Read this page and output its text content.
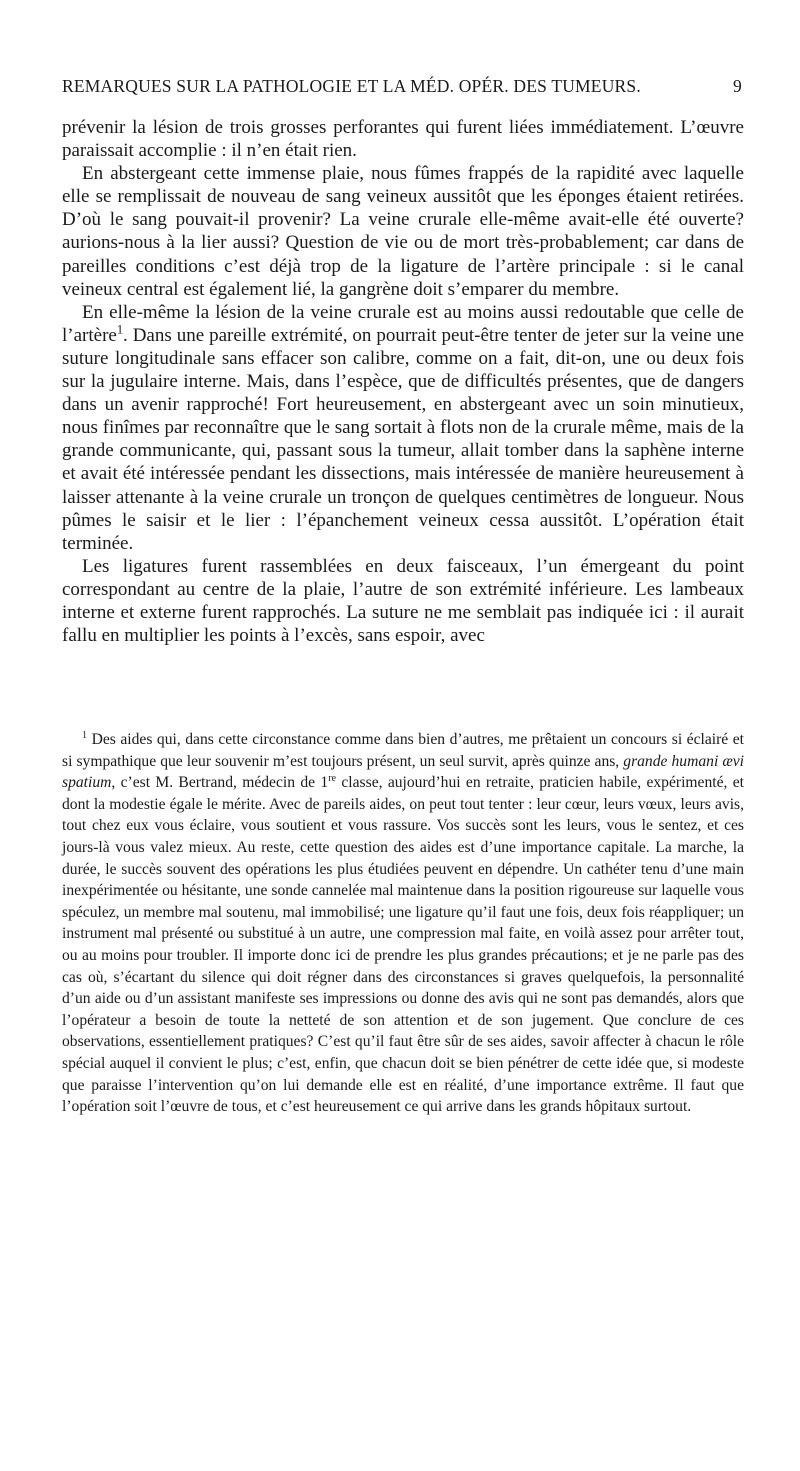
REMARQUES SUR LA PATHOLOGIE ET LA MÉD. OPÉR. DES TUMEURS.	9

prévenir la lésion de trois grosses perforantes qui furent liées immédiatement. L’œuvre paraissait accomplie : il n’en était rien.

En abstergeant cette immense plaie, nous fûmes frappés de la rapidité avec laquelle elle se remplissait de nouveau de sang veineux aussitôt que les éponges étaient retirées. D’où le sang pouvait-il provenir? La veine crurale elle-même avait-elle été ouverte? aurions-nous à la lier aussi? Question de vie ou de mort très-probablement; car dans de pareilles conditions c’est déjà trop de la ligature de l’artère principale : si le canal veineux central est également lié, la gangrène doit s’emparer du membre.

En elle-même la lésion de la veine crurale est au moins aussi redoutable que celle de l’artère$^1$. Dans une pareille extrémité, on pourrait peut-être tenter de jeter sur la veine une suture longitudinale sans effacer son calibre, comme on a fait, dit-on, une ou deux fois sur la jugulaire interne. Mais, dans l’espèce, que de difficultés présentes, que de dangers dans un avenir rapproché! Fort heureusement, en abstergeant avec un soin minutieux, nous finîmes par reconnaître que le sang sortait à flots non de la crurale même, mais de la grande communicante, qui, passant sous la tumeur, allait tomber dans la saphène interne et avait été intéressée pendant les dissections, mais intéressée de manière heureusement à laisser attenante à la veine crurale un tronçon de quelques centimètres de longueur. Nous pûmes le saisir et le lier : l’épanchement veineux cessa aussitôt. L’opération était terminée.

Les ligatures furent rassemblées en deux faisceaux, l’un émergeant du point correspondant au centre de la plaie, l’autre de son extrémité inférieure. Les lambeaux interne et externe furent rapprochés. La suture ne me semblait pas indiquée ici : il aurait fallu en multiplier les points à l’excès, sans espoir, avec

$^1$ Des aides qui, dans cette circonstance comme dans bien d’autres, me prêtaient un concours si éclairé et si sympathique que leur souvenir m’est toujours présent, un seul survit, après quinze ans, grande humani ævi spatium, c’est M. Bertrand, médecin de 1re classe, aujourd’hui en retraite, praticien habile, expérimenté, et dont la modestie égale le mérite. Avec de pareils aides, on peut tout tenter : leur cœur, leurs vœux, leurs avis, tout chez eux vous éclaire, vous soutient et vous rassure. Vos succès sont les leurs, vous le sentez, et ces jours-là vous valez mieux. Au reste, cette question des aides est d’une importance capitale. La marche, la durée, le succès souvent des opérations les plus étudiées peuvent en dépendre. Un cathéter tenu d’une main inexpérimentée ou hésitante, une sonde cannelée mal maintenue dans la position rigoureuse sur laquelle vous spéculez, un membre mal soutenu, mal immobilisé; une ligature qu’il faut une fois, deux fois réappliquer; un instrument mal présenté ou substitué à un autre, une compression mal faite, en voilà assez pour arrêter tout, ou au moins pour troubler. Il importe donc ici de prendre les plus grandes précautions; et je ne parle pas des cas où, s’écartant du silence qui doit régner dans des circonstances si graves quelquefois, la personnalité d’un aide ou d’un assistant manifeste ses impressions ou donne des avis qui ne sont pas demandés, alors que l’opérateur a besoin de toute la netteté de son attention et de son jugement. Que conclure de ces observations, essentiellement pratiques? C’est qu’il faut être sûr de ses aides, savoir affecter à chacun le rôle spécial auquel il convient le plus; c’est, enfin, que chacun doit se bien pénétrer de cette idée que, si modeste que paraisse l’intervention qu’on lui demande elle est en réalité, d’une importance extrême. Il faut que l’opération soit l’œuvre de tous, et c’est heureusement ce qui arrive dans les grands hôpitaux surtout.
